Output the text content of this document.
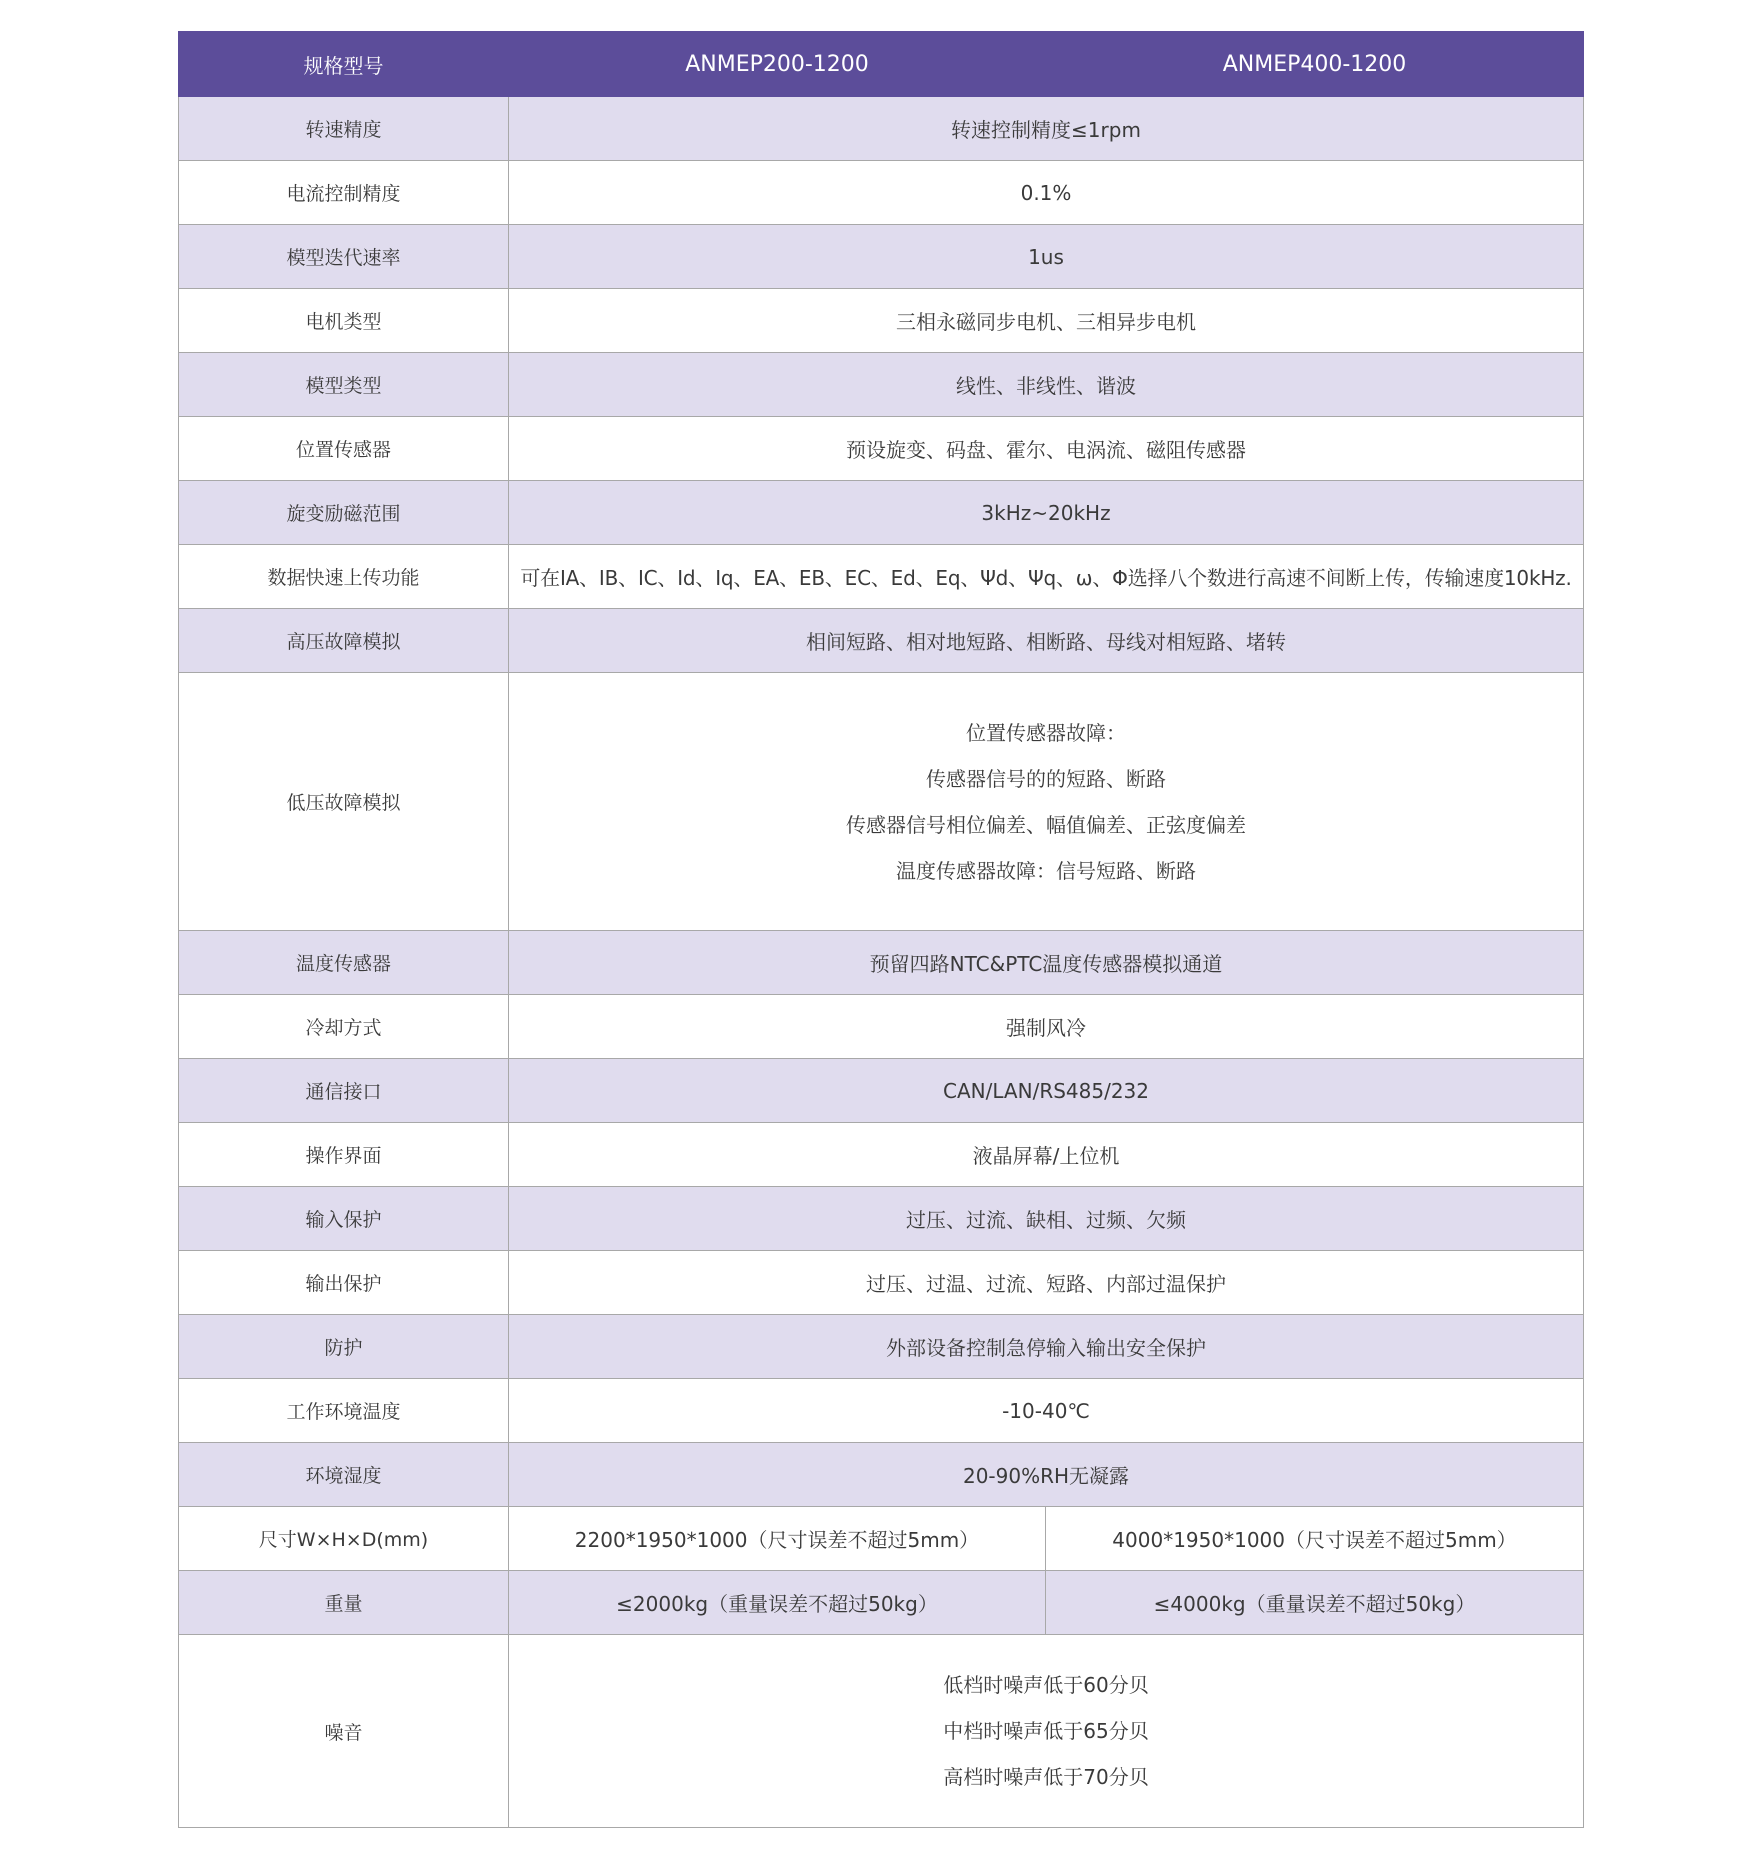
规格型号	ANMEP200-1200	ANMEP400-1200
转速精度	转速控制精度≤1rpm	
电流控制精度	0.1%	
模型迭代速率	1us	
电机类型	三相永磁同步电机、三相异步电机	
模型类型	线性、非线性、谐波	
位置传感器	预设旋变、码盘、霍尔、电涡流、磁阻传感器	
旋变励磁范围	3kHz~20kHz	
数据快速上传功能	可在IA、IB、IC、Id、Iq、EA、EB、EC、Ed、Eq、Ψd、Ψq、ω、Φ选择八个数进行高速不间断上传，传输速度10kHz.	
高压故障模拟	相间短路、相对地短路、相断路、母线对相短路、堵转	
低压故障模拟	位置传感器故障：
传感器信号的的短路、断路
传感器信号相位偏差、幅值偏差、正弦度偏差
温度传感器故障：信号短路、断路	

温度传感器	预留四路NTC&PTC温度传感器模拟通道	
冷却方式	强制风冷	
通信接口	CAN/LAN/RS485/232	
操作界面	液晶屏幕/上位机	
输入保护	过压、过流、缺相、过频、欠频	
输出保护	过压、过温、过流、短路、内部过温保护	
防护	外部设备控制急停输入输出安全保护	
工作环境温度	-10-40℃	
环境湿度	20-90%RH无凝露	
尺寸W×H×D(mm)	2200*1950*1000（尺寸误差不超过5mm）	4000*1950*1000（尺寸误差不超过5mm）
重量	≤2000kg（重量误差不超过50kg）	≤4000kg（重量误差不超过50kg）
噪音	低档时噪声低于60分贝
中档时噪声低于65分贝
高档时噪声低于70分贝	
